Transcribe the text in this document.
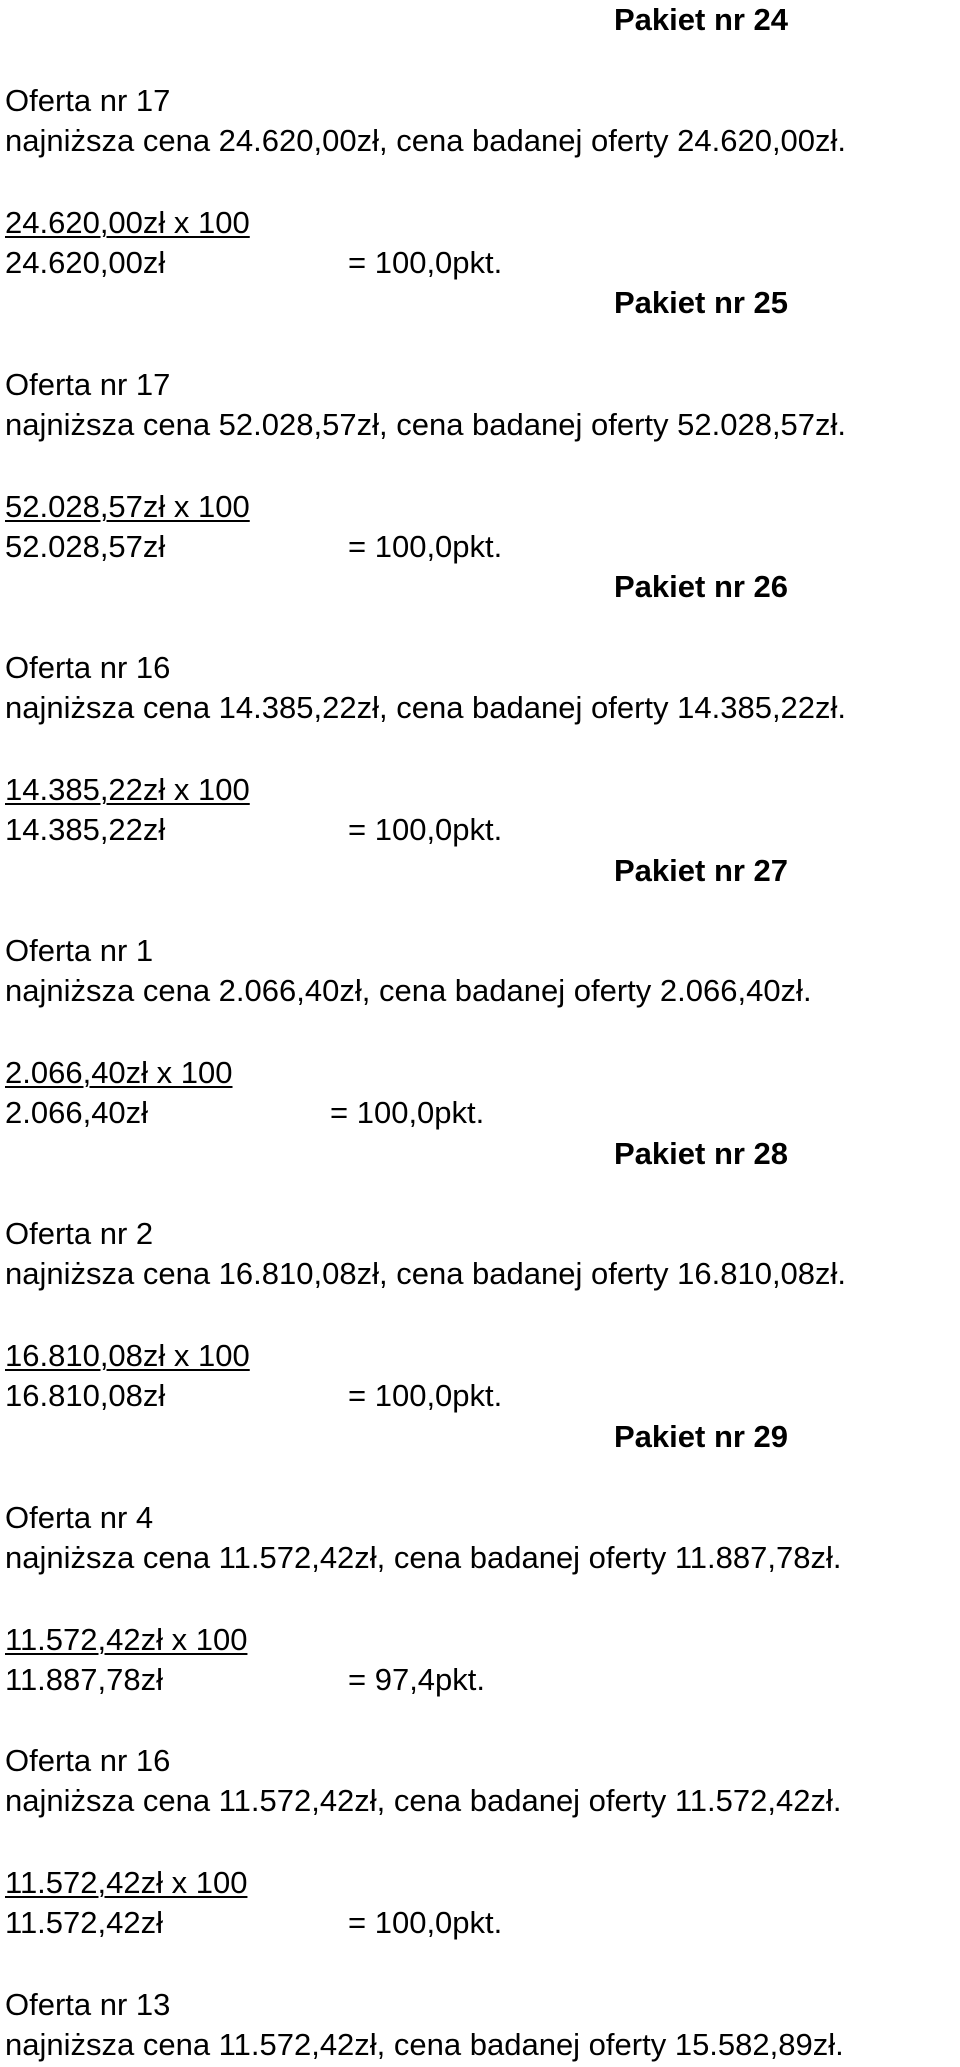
Pakiet nr 24
Oferta nr 17
najniższa cena 24.620,00zł, cena badanej oferty 24.620,00zł.
24.620,00zł x 100
24.620,00zł	= 100,0pkt.
Pakiet nr 25
Oferta nr 17
najniższa cena 52.028,57zł, cena badanej oferty 52.028,57zł.
52.028,57zł x 100
52.028,57zł	= 100,0pkt.
Pakiet nr 26
Oferta nr 16
najniższa cena 14.385,22zł, cena badanej oferty 14.385,22zł.
14.385,22zł x 100
14.385,22zł	= 100,0pkt.
Pakiet nr 27
Oferta nr 1
najniższa cena 2.066,40zł, cena badanej oferty 2.066,40zł.
2.066,40zł x 100
2.066,40zł	= 100,0pkt.
Pakiet nr 28
Oferta nr 2
najniższa cena 16.810,08zł, cena badanej oferty 16.810,08zł.
16.810,08zł x 100
16.810,08zł	= 100,0pkt.
Pakiet nr 29
Oferta nr 4
najniższa cena 11.572,42zł, cena badanej oferty 11.887,78zł.
11.572,42zł x 100
11.887,78zł	= 97,4pkt.
Oferta nr 16
najniższa cena 11.572,42zł, cena badanej oferty 11.572,42zł.
11.572,42zł x 100
11.572,42zł	= 100,0pkt.
Oferta nr 13
najniższa cena 11.572,42zł, cena badanej oferty 15.582,89zł.
